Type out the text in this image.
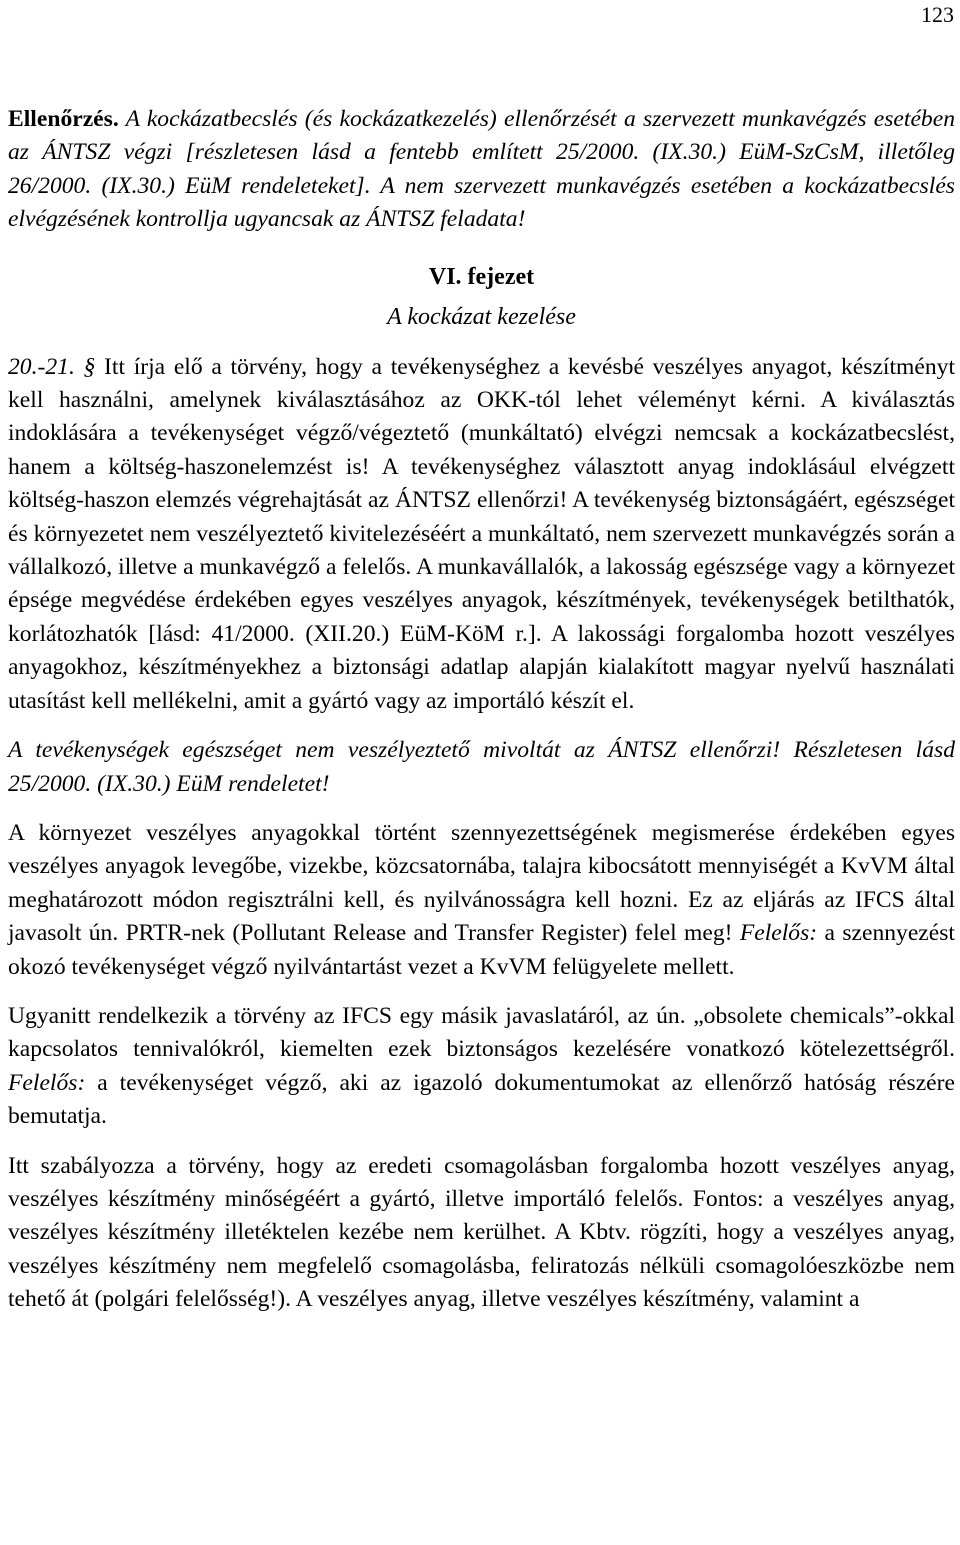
123

Ellenőrzés. A kockázatbecslés (és kockázatkezelés) ellenőrzését a szervezett munkavégzés esetében az ÁNTSZ végzi [részletesen lásd a fentebb említett 25/2000. (IX.30.) EüM-SzCsM, illetőleg 26/2000. (IX.30.) EüM rendeleteket]. A nem szervezett munkavégzés esetében a kockázatbecslés elvégzésének kontrollja ugyancsak az ÁNTSZ feladata!

VI. fejezet
A kockázat kezelése

20.-21. § Itt írja elő a törvény, hogy a tevékenységhez a kevésbé veszélyes anyagot, készítményt kell használni, amelynek kiválasztásához az OKK-tól lehet véleményt kérni. A kiválasztás indoklására a tevékenységet végző/végeztető (munkáltató) elvégzi nemcsak a kockázatbecslést, hanem a költség-haszonelemzést is! A tevékenységhez választott anyag indoklásául elvégzett költség-haszon elemzés végrehajtását az ÁNTSZ ellenőrzi! A tevékenység biztonságáért, egészséget és környezetet nem veszélyeztető kivitelezéséért a munkáltató, nem szervezett munkavégzés során a vállalkozó, illetve a munkavégző a felelős. A munkavállalók, a lakosság egészsége vagy a környezet épsége megvédése érdekében egyes veszélyes anyagok, készítmények, tevékenységek betilthatók, korlátozhatók [lásd: 41/2000. (XII.20.) EüM-KöM r.]. A lakossági forgalomba hozott veszélyes anyagokhoz, készítményekhez a biztonsági adatlap alapján kialakított magyar nyelvű használati utasítást kell mellékelni, amit a gyártó vagy az importáló készít el.

A tevékenységek egészséget nem veszélyeztető mivoltát az ÁNTSZ ellenőrzi! Részletesen lásd 25/2000. (IX.30.) EüM rendeletet!

A környezet veszélyes anyagokkal történt szennyezettségének megismerése érdekében egyes veszélyes anyagok levegőbe, vizekbe, közcsatornába, talajra kibocsátott mennyiségét a KvVM által meghatározott módon regisztrálni kell, és nyilvánosságra kell hozni. Ez az eljárás az IFCS által javasolt ún. PRTR-nek (Pollutant Release and Transfer Register) felel meg! Felelős: a szennyezést okozó tevékenységet végző nyilvántartást vezet a KvVM felügyelete mellett.

Ugyanitt rendelkezik a törvény az IFCS egy másik javaslatáról, az ún. „obsolete chemicals”-okkal kapcsolatos tennivalókról, kiemelten ezek biztonságos kezelésére vonatkozó kötelezettségről. Felelős: a tevékenységet végző, aki az igazoló dokumentumokat az ellenőrző hatóság részére bemutatja.

Itt szabályozza a törvény, hogy az eredeti csomagolásban forgalomba hozott veszélyes anyag, veszélyes készítmény minőségéért a gyártó, illetve importáló felelős. Fontos: a veszélyes anyag, veszélyes készítmény illetéktelen kezébe nem kerülhet. A Kbtv. rögzíti, hogy a veszélyes anyag, veszélyes készítmény nem megfelelő csomagolásba, feliratozás nélküli csomagolóeszközbe nem tehető át (polgári felelősség!). A veszélyes anyag, illetve veszélyes készítmény, valamint a
